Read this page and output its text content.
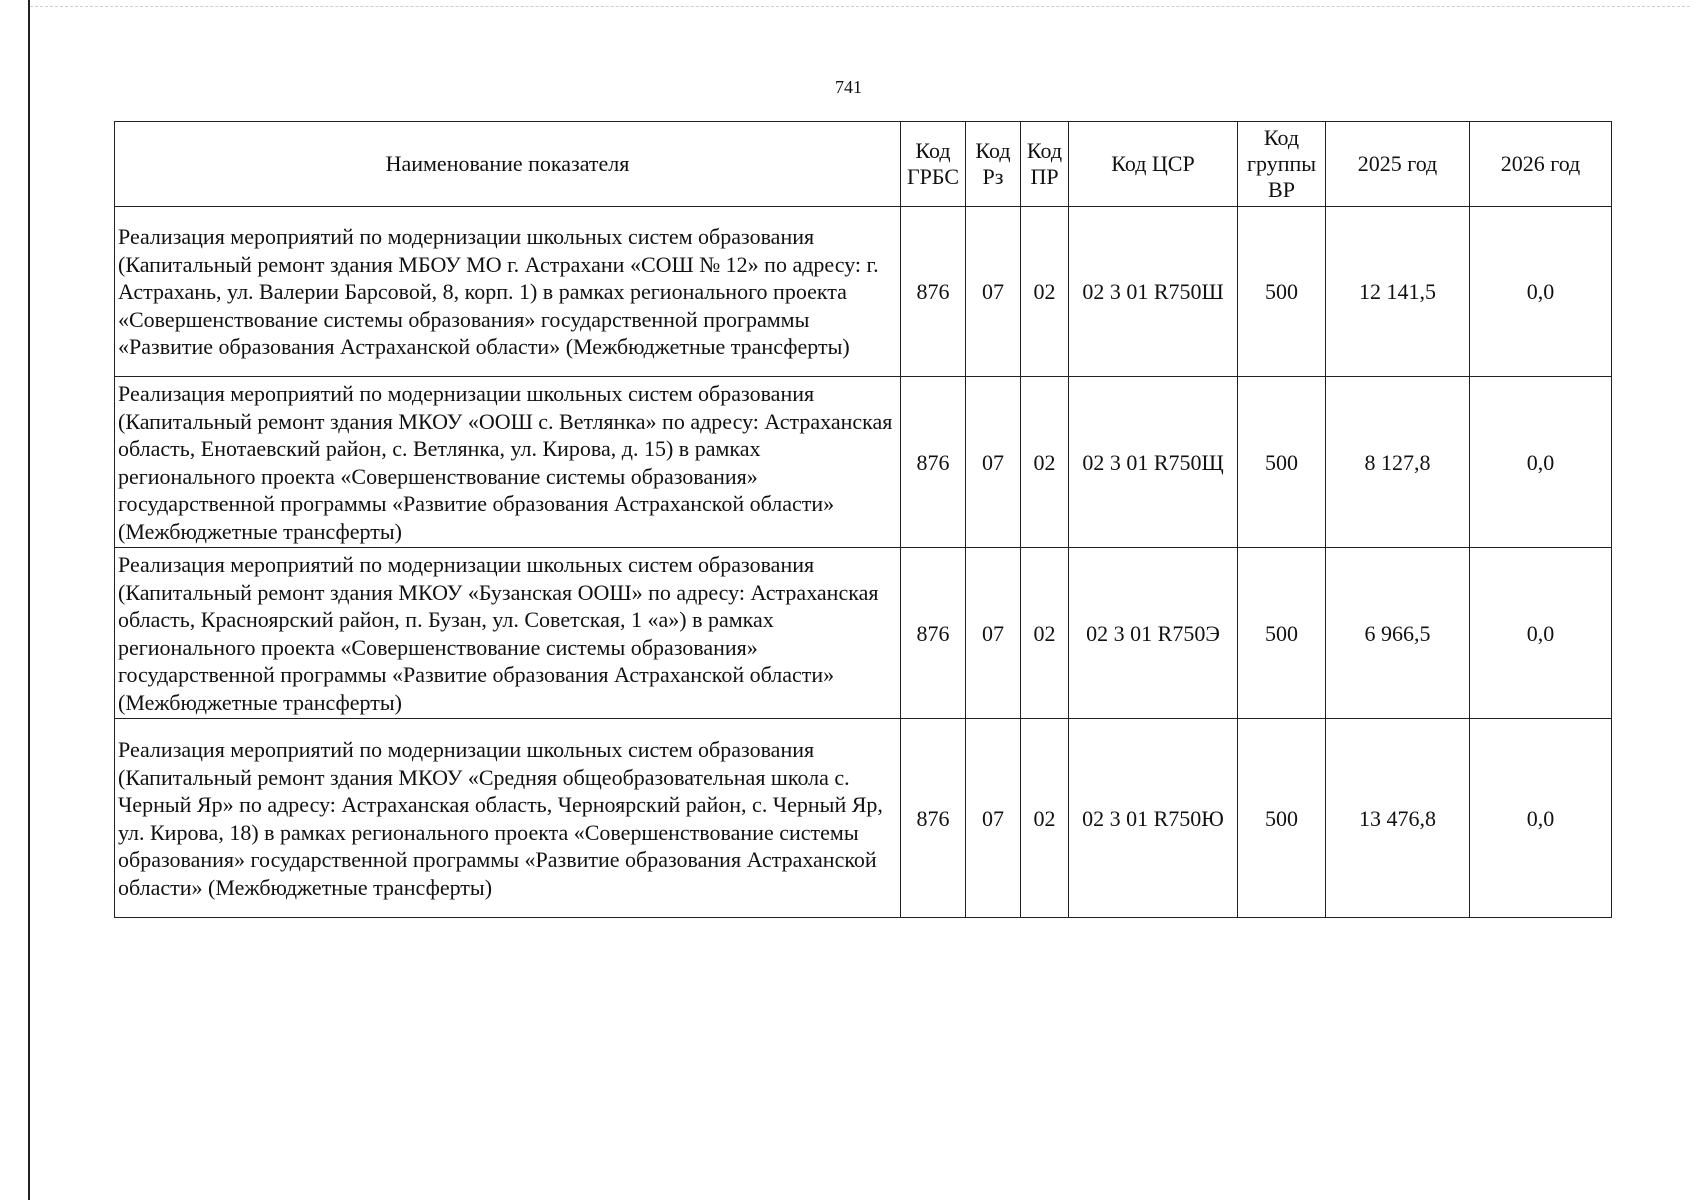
741
Наименование показателя	Код ГРБС	Код Рз	Код ПР	Код ЦСР	Код группы ВР	2025 год	2026 год
Реализация мероприятий по модернизации школьных систем образования (Капитальный ремонт здания МБОУ МО г. Астрахани «СОШ № 12» по адресу: г. Астрахань, ул. Валерии Барсовой, 8, корп. 1) в рамках регионального проекта «Совершенствование системы образования» государственной программы «Развитие образования Астраханской области» (Межбюджетные трансферты)	876	07	02	02 3 01 R750Ш	500	12 141,5	0,0
Реализация мероприятий по модернизации школьных систем образования (Капитальный ремонт здания МКОУ «ООШ с. Ветлянка» по адресу: Астраханская область, Енотаевский район, с. Ветлянка, ул. Кирова, д. 15) в рамках регионального проекта «Совершенствование системы образования» государственной программы «Развитие образования Астраханской области» (Межбюджетные трансферты)	876	07	02	02 3 01 R750Щ	500	8 127,8	0,0
Реализация мероприятий по модернизации школьных систем образования (Капитальный ремонт здания МКОУ «Бузанская ООШ» по адресу: Астраханская область, Красноярский район, п. Бузан, ул. Советская, 1 «а») в рамках регионального проекта «Совершенствование системы образования» государственной программы «Развитие образования Астраханской области» (Межбюджетные трансферты)	876	07	02	02 3 01 R750Э	500	6 966,5	0,0
Реализация мероприятий по модернизации школьных систем образования (Капитальный ремонт здания МКОУ «Средняя общеобразовательная школа с. Черный Яр» по адресу: Астраханская область, Черноярский район, с. Черный Яр, ул. Кирова, 18) в рамках регионального проекта «Совершенствование системы образования» государственной программы «Развитие образования Астраханской области» (Межбюджетные трансферты)	876	07	02	02 3 01 R750Ю	500	13 476,8	0,0
